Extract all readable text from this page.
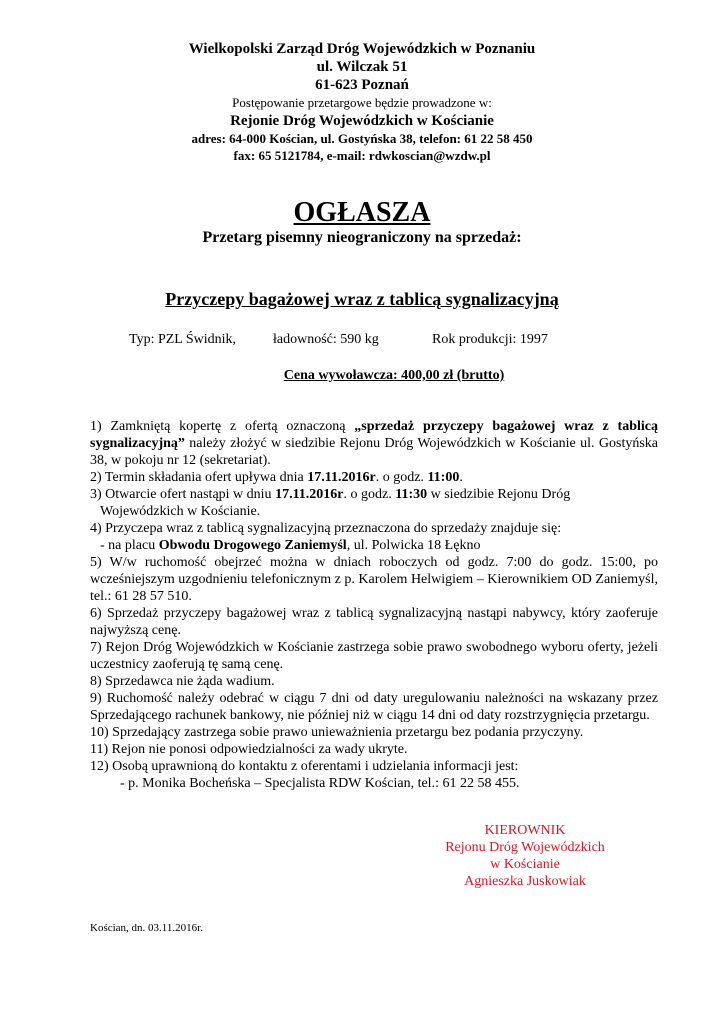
Wielkopolski Zarząd Dróg Wojewódzkich w Poznaniu
ul. Wilczak 51
61-623 Poznań
Postępowanie przetargowe będzie prowadzone w:
Rejonie Dróg Wojewódzkich w Kościanie
adres: 64-000 Kościan, ul. Gostyńska 38, telefon: 61 22 58 450
fax: 65 5121784, e-mail: rdwkoscian@wzdw.pl
OGŁASZA
Przetarg pisemny nieograniczony na sprzedaż:
Przyczepy bagażowej wraz z tablicą sygnalizacyjną
Typ: PZL Świdnik,	ładowność: 590 kg	Rok produkcji: 1997
Cena wywoławcza: 400,00 zł (brutto)

1) Zamkniętą kopertę z ofertą oznaczoną „sprzedaż przyczepy bagażowej wraz z tablicą sygnalizacyjną” należy złożyć w siedzibie Rejonu Dróg Wojewódzkich w Kościanie ul. Gostyńska 38, w pokoju nr 12 (sekretariat).

2) Termin składania ofert upływa dnia 17.11.2016r. o godz. 11:00.

3) Otwarcie ofert nastąpi w dniu 17.11.2016r. o godz. 11:30 w siedzibie Rejonu Dróg

Wojewódzkich w Kościanie.

4) Przyczepa wraz z tablicą sygnalizacyjną przeznaczona do sprzedaży znajduje się:

- na placu Obwodu Drogowego Zaniemyśl, ul. Polwicka 18 Łękno

5) W/w ruchomość obejrzeć można w dniach roboczych od godz. 7:00 do godz. 15:00, po wcześniejszym uzgodnieniu telefonicznym z p. Karolem Helwigiem – Kierownikiem OD Zaniemyśl, tel.: 61 28 57 510.

6) Sprzedaż przyczepy bagażowej wraz z tablicą sygnalizacyjną nastąpi nabywcy, który zaoferuje najwyższą cenę.

7) Rejon Dróg Wojewódzkich w Kościanie zastrzega sobie prawo swobodnego wyboru oferty, jeżeli uczestnicy zaoferują tę samą cenę.

8) Sprzedawca nie żąda wadium.

9) Ruchomość należy odebrać w ciągu 7 dni od daty uregulowaniu należności na wskazany przez Sprzedającego rachunek bankowy, nie później niż w ciągu 14 dni od daty rozstrzygnięcia przetargu.

10) Sprzedający zastrzega sobie prawo unieważnienia przetargu bez podania przyczyny.

11) Rejon nie ponosi odpowiedzialności za wady ukryte.

12) Osobą uprawnioną do kontaktu z oferentami i udzielania informacji jest:

- p. Monika Bocheńska – Specjalista RDW Kościan, tel.: 61 22 58 455.

KIEROWNIK
Rejonu Dróg Wojewódzkich
w Kościanie
Agnieszka Juskowiak
Kościan, dn. 03.11.2016r.
